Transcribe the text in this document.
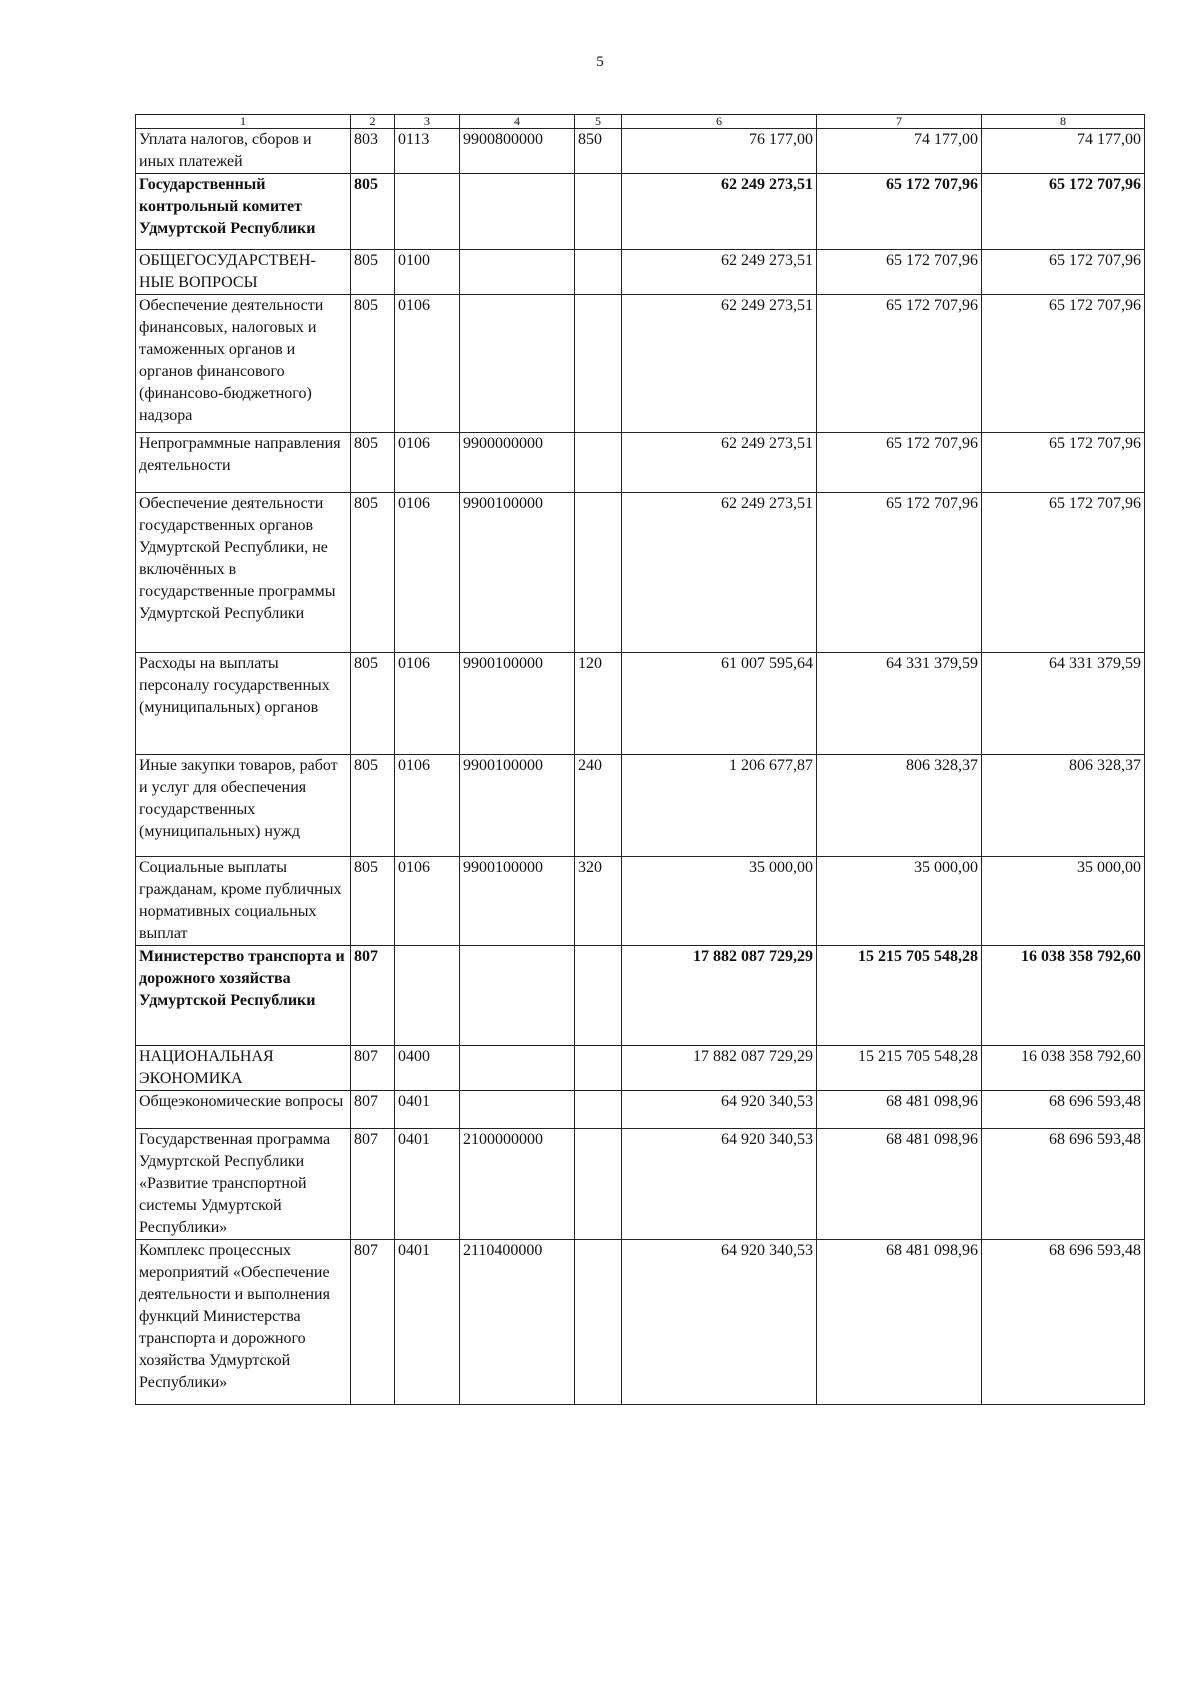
5
1	2	3	4	5	6	7	8
Уплата налогов, сборов и иных платежей	803	0113	9900800000	850	76 177,00	74 177,00	74 177,00
Государственный контрольный комитет Удмуртской Республики	805				62 249 273,51	65 172 707,96	65 172 707,96
ОБЩЕГОСУДАРСТВЕН-НЫЕ ВОПРОСЫ	805	0100			62 249 273,51	65 172 707,96	65 172 707,96
Обеспечение деятельности финансовых, налоговых и таможенных органов и органов финансового (финансово-бюджетного) надзора	805	0106			62 249 273,51	65 172 707,96	65 172 707,96
Непрограммные направления деятельности	805	0106	9900000000		62 249 273,51	65 172 707,96	65 172 707,96
Обеспечение деятельности государственных органов Удмуртской Республики, не включённых в государственные программы Удмуртской Республики	805	0106	9900100000		62 249 273,51	65 172 707,96	65 172 707,96
Расходы на выплаты персоналу государственных (муниципальных) органов	805	0106	9900100000	120	61 007 595,64	64 331 379,59	64 331 379,59
Иные закупки товаров, работ и услуг для обеспечения государственных (муниципальных) нужд	805	0106	9900100000	240	1 206 677,87	806 328,37	806 328,37
Социальные выплаты гражданам, кроме публичных нормативных социальных выплат	805	0106	9900100000	320	35 000,00	35 000,00	35 000,00
Министерство транспорта и дорожного хозяйства Удмуртской Республики	807				17 882 087 729,29	15 215 705 548,28	16 038 358 792,60
НАЦИОНАЛЬНАЯ ЭКОНОМИКА	807	0400			17 882 087 729,29	15 215 705 548,28	16 038 358 792,60
Общеэкономические вопросы	807	0401			64 920 340,53	68 481 098,96	68 696 593,48
Государственная программа Удмуртской Республики «Развитие транспортной системы Удмуртской Республики»	807	0401	2100000000		64 920 340,53	68 481 098,96	68 696 593,48
Комплекс процессных мероприятий «Обеспечение деятельности и выполнения функций Министерства транспорта и дорожного хозяйства Удмуртской Республики»	807	0401	2110400000		64 920 340,53	68 481 098,96	68 696 593,48
